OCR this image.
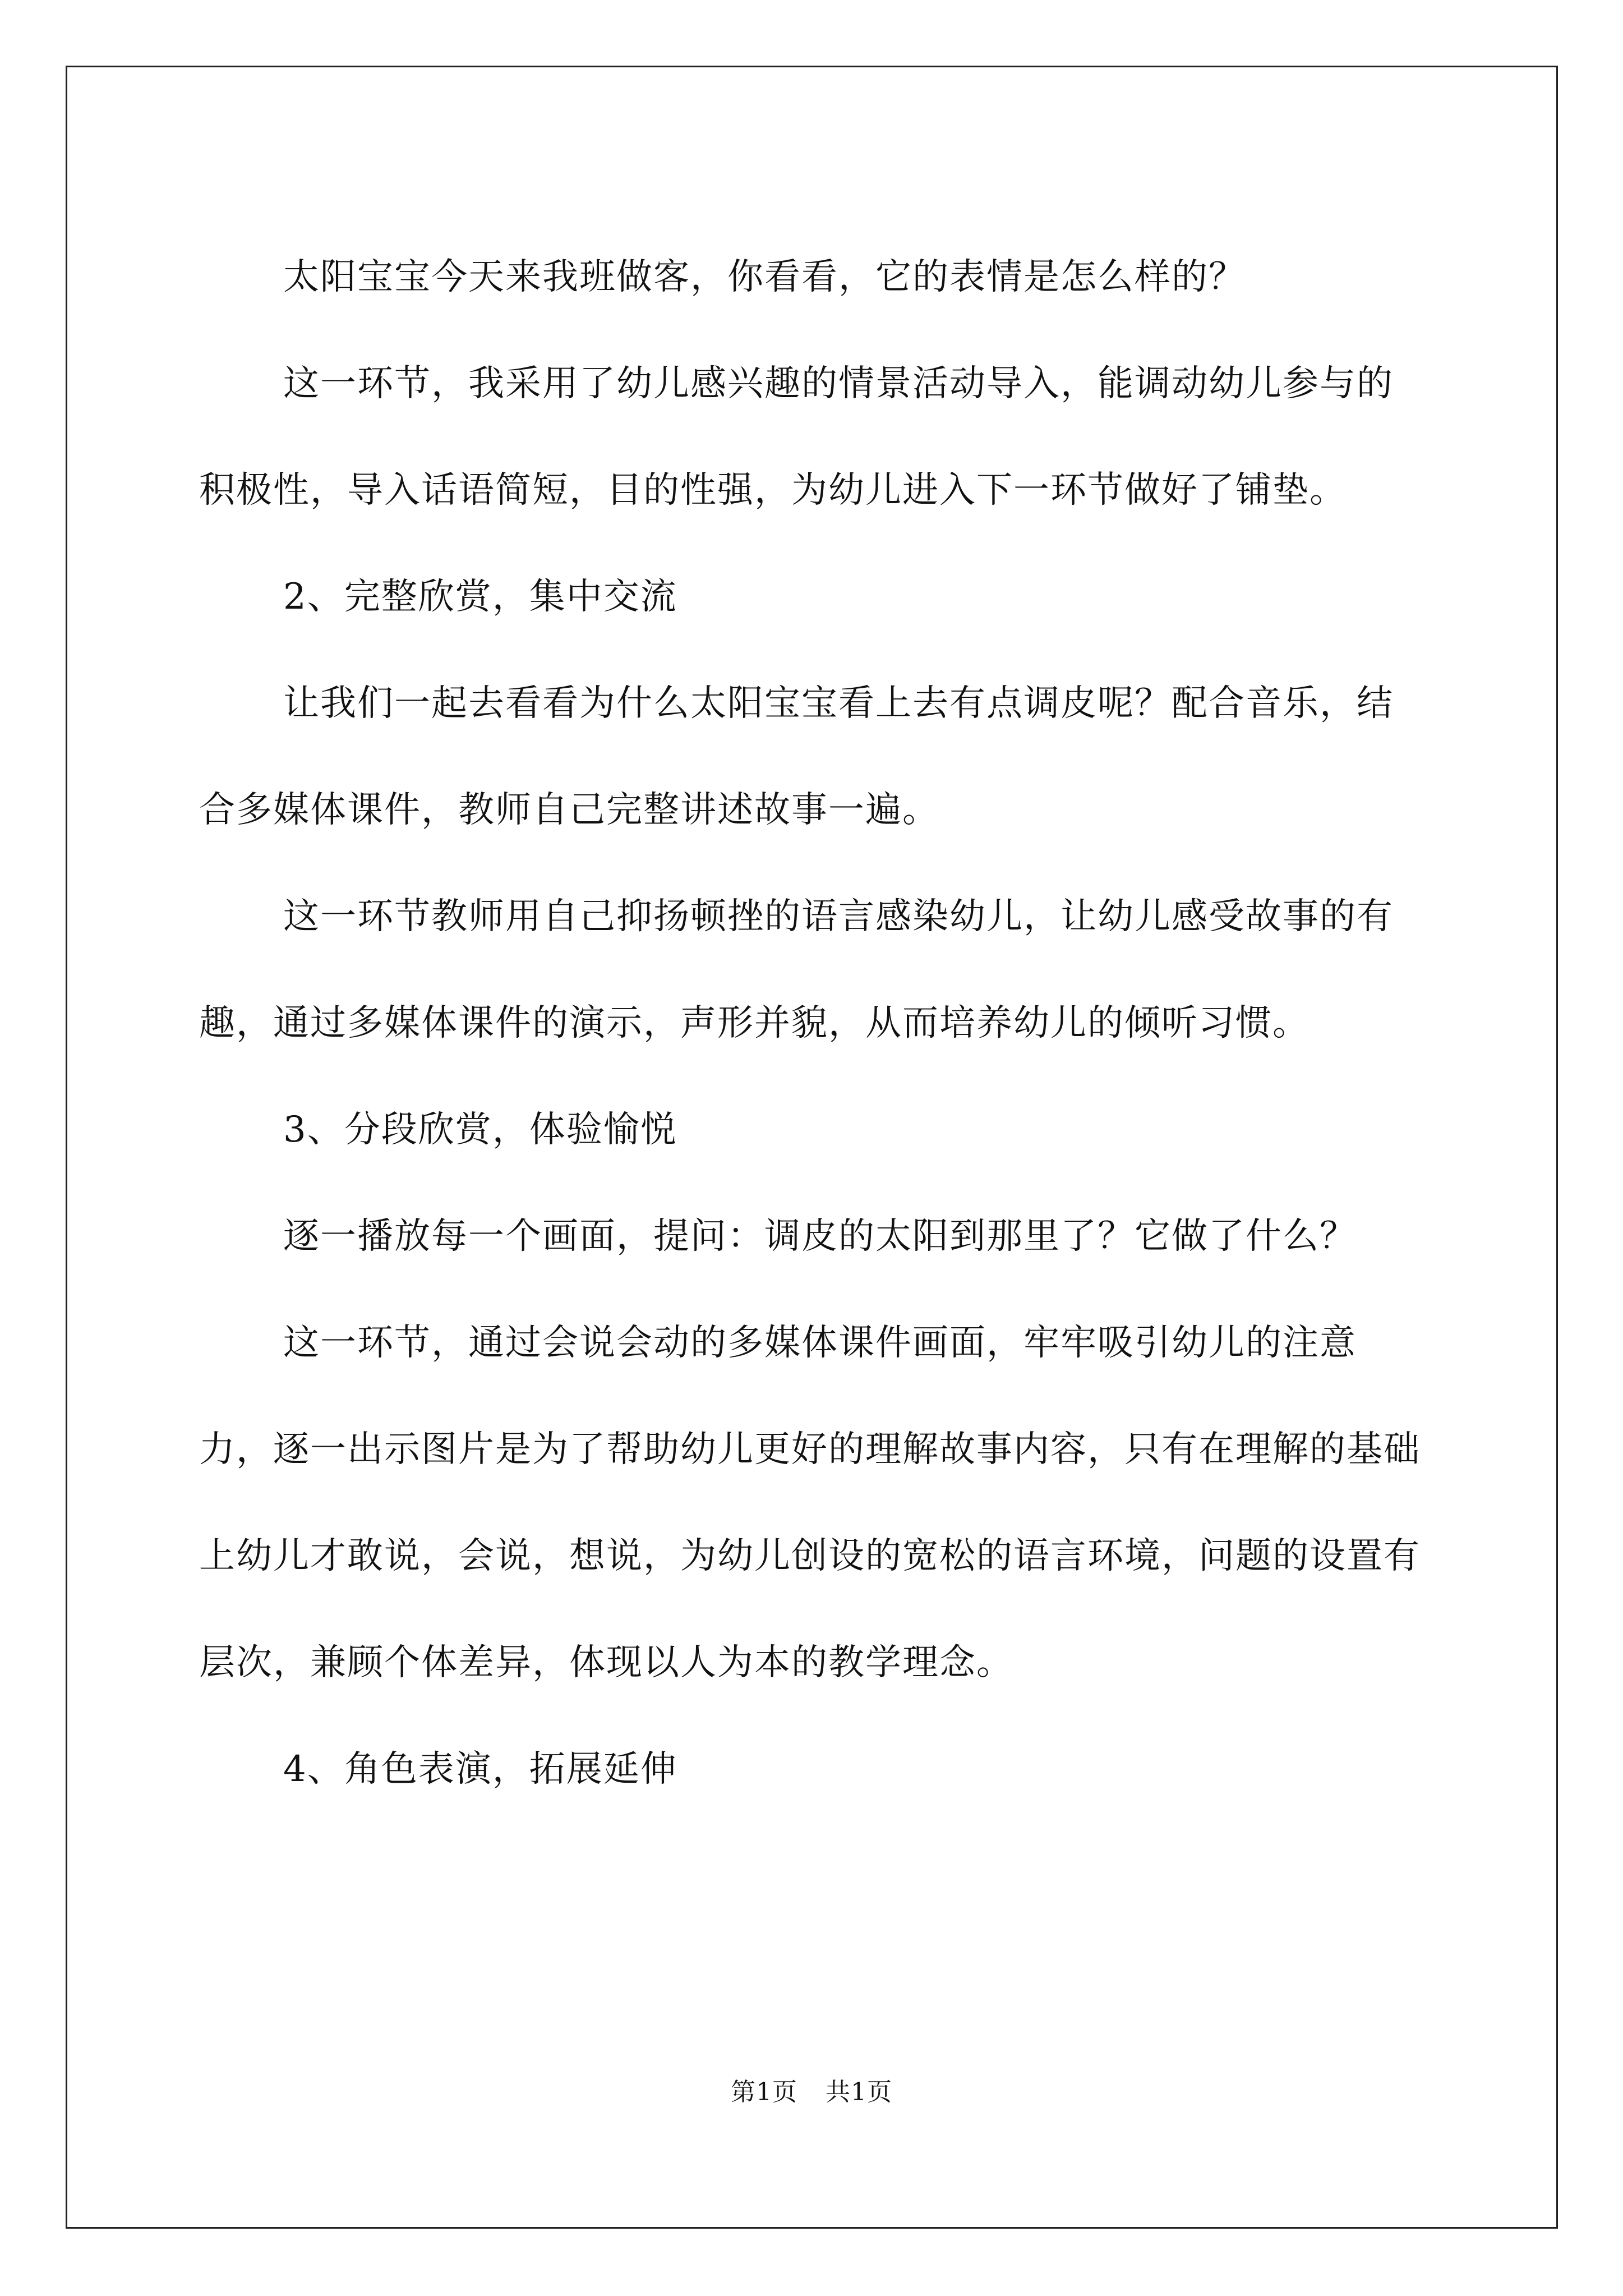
太阳宝宝今天来我班做客，你看看，它的表情是怎么样的？

这一环节，我采用了幼儿感兴趣的情景活动导入，能调动幼儿参与的积极性，导入话语简短，目的性强，为幼儿进入下一环节做好了铺垫。

2、完整欣赏，集中交流

让我们一起去看看为什么太阳宝宝看上去有点调皮呢？配合音乐，结合多媒体课件，教师自己完整讲述故事一遍。

这一环节教师用自己抑扬顿挫的语言感染幼儿，让幼儿感受故事的有趣，通过多媒体课件的演示，声形并貌，从而培养幼儿的倾听习惯。

3、分段欣赏，体验愉悦

逐一播放每一个画面，提问：调皮的太阳到那里了？它做了什么？

这一环节，通过会说会动的多媒体课件画面，牢牢吸引幼儿的注意力，逐一出示图片是为了帮助幼儿更好的理解故事内容，只有在理解的基础上幼儿才敢说，会说，想说，为幼儿创设的宽松的语言环境，问题的设置有层次，兼顾个体差异，体现以人为本的教学理念。

4、角色表演，拓展延伸

第1页 共1页
